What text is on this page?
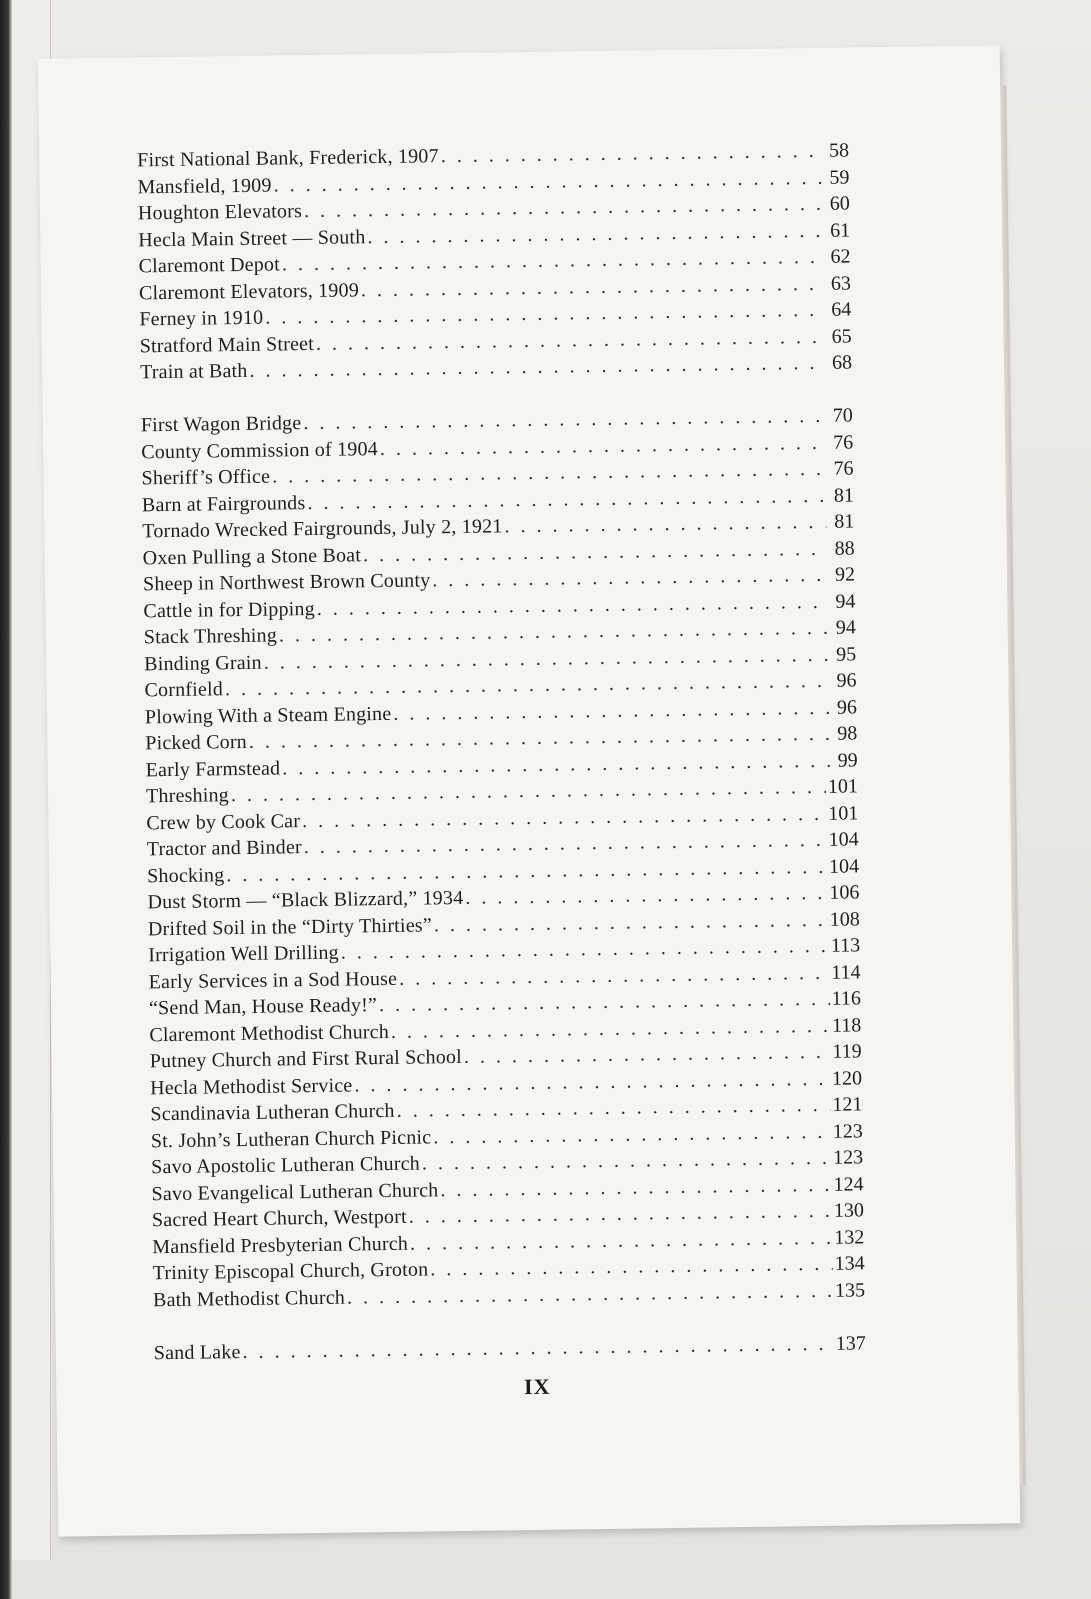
First National Bank, Frederick, 1907 . . .	58
Mansfield, 1909 . . .	59
Houghton Elevators . . .	60
Hecla Main Street — South . . .	61
Claremont Depot . . .	62
Claremont Elevators, 1909 . . .	63
Ferney in 1910 . . .	64
Stratford Main Street . . .	65
Train at Bath . . .	68
First Wagon Bridge . . .	70
County Commission of 1904 . . .	76
Sheriff’s Office . . .	76
Barn at Fairgrounds . . .	81
Tornado Wrecked Fairgrounds, July 2, 1921 . . .	81
Oxen Pulling a Stone Boat . . .	88
Sheep in Northwest Brown County . . .	92
Cattle in for Dipping . . .	94
Stack Threshing . . .	94
Binding Grain . . .	95
Cornfield . . .	96
Plowing With a Steam Engine . . .	96
Picked Corn . . .	98
Early Farmstead . . .	99
Threshing . . .	101
Crew by Cook Car . . .	101
Tractor and Binder . . .	104
Shocking . . .	104
Dust Storm — “Black Blizzard,” 1934 . . .	106
Drifted Soil in the “Dirty Thirties” . . .	108
Irrigation Well Drilling . . .	113
Early Services in a Sod House . . .	114
“Send Man, House Ready!” . . .	116
Claremont Methodist Church . . .	118
Putney Church and First Rural School . . .	119
Hecla Methodist Service . . .	120
Scandinavia Lutheran Church . . .	121
St. John’s Lutheran Church Picnic . . .	123
Savo Apostolic Lutheran Church . . .	123
Savo Evangelical Lutheran Church . . .	124
Sacred Heart Church, Westport . . .	130
Mansfield Presbyterian Church . . .	132
Trinity Episcopal Church, Groton . . .	134
Bath Methodist Church . . .	135
Sand Lake . . .	137
IX
